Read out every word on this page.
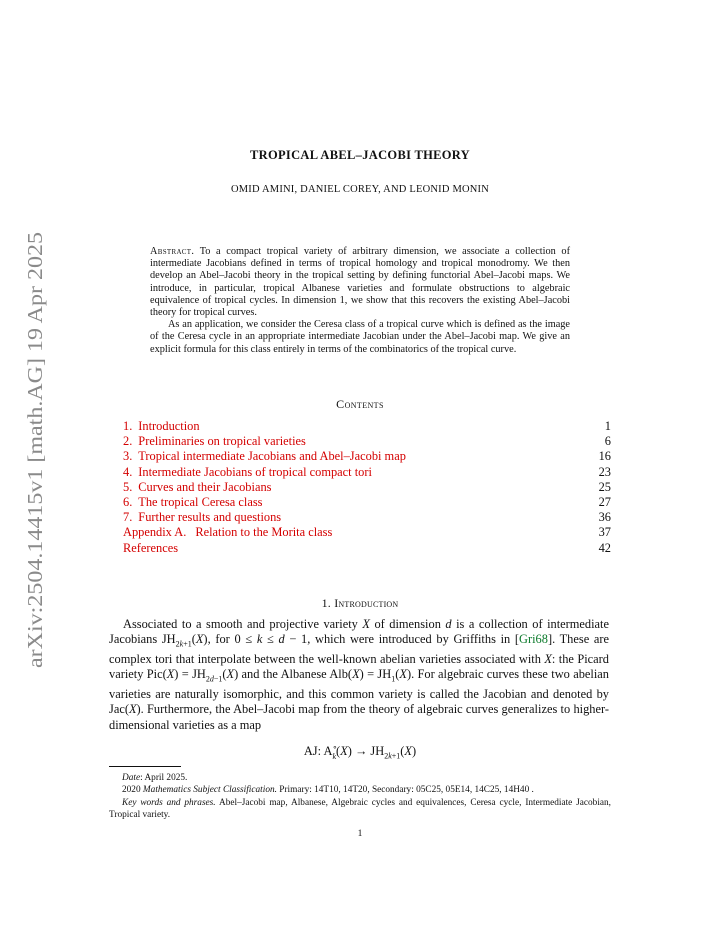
arXiv:2504.14415v1 [math.AG] 19 Apr 2025
TROPICAL ABEL–JACOBI THEORY
OMID AMINI, DANIEL COREY, AND LEONID MONIN

Abstract. To a compact tropical variety of arbitrary dimension, we associate a collection of intermediate Jacobians defined in terms of tropical homology and tropical monodromy. We then develop an Abel–Jacobi theory in the tropical setting by defining functorial Abel–Jacobi maps. We introduce, in particular, tropical Albanese varieties and formulate obstructions to algebraic equivalence of tropical cycles. In dimension 1, we show that this recovers the existing Abel–Jacobi theory for tropical curves.

As an application, we consider the Ceresa class of a tropical curve which is defined as the image of the Ceresa cycle in an appropriate intermediate Jacobian under the Abel–Jacobi map. We give an explicit formula for this class entirely in terms of the combinatorics of the tropical curve.

Contents
1. Introduction	1
2. Preliminaries on tropical varieties	6
3. Tropical intermediate Jacobians and Abel–Jacobi map	16
4. Intermediate Jacobians of tropical compact tori	23
5. Curves and their Jacobians	25
6. The tropical Ceresa class	27
7. Further results and questions	36
Appendix A. Relation to the Morita class	37
References	42
1. Introduction

Associated to a smooth and projective variety X of dimension d is a collection of intermediate Jacobians $JH_{2k+1}(X)$, for 0 ≤ k ≤ d − 1, which were introduced by Griffiths in [Gri68]. These are complex tori that interpolate between the well-known abelian varieties associated with X: the Picard variety $Pic(X) = JH_{2d-1}(X)$ and the Albanese $Alb(X) = JH_1(X)$. For algebraic curves these two abelian varieties are naturally isomorphic, and this common variety is called the Jacobian and denoted by Jac(X). Furthermore, the Abel–Jacobi map from the theory of algebraic curves generalizes to higher-dimensional varieties as a map

AJ: $A^\circ_k(X) \to JH_{2k+1}(X)$

Date: April 2025.

2020 Mathematics Subject Classification. Primary: 14T10, 14T20, Secondary: 05C25, 05E14, 14C25, 14H40 .

Key words and phrases. Abel–Jacobi map, Albanese, Algebraic cycles and equivalences, Ceresa cycle, Intermediate Jacobian, Tropical variety.

1
